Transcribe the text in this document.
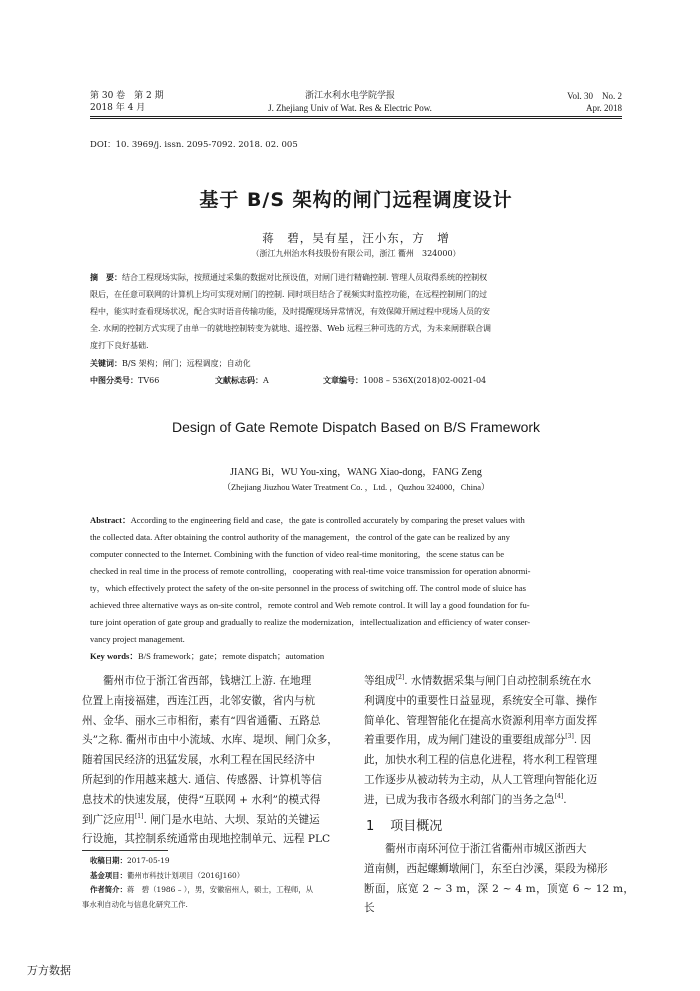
第 30 卷　第 2 期
2018 年 4 月
浙江水利水电学院学报
J. Zhejiang Univ of Wat. Res & Electric Pow.
Vol. 30　No. 2
Apr. 2018
DOI：10. 3969/j. issn. 2095-7092. 2018. 02. 005
基于 B/S 架构的闸门远程调度设计
蒋　碧，吴有星，汪小东，方　增
（浙江九州治水科技股份有限公司，浙江 衢州　324000）
摘　要：结合工程现场实际，按照通过采集的数据对比预设值，对闸门进行精确控制. 管理人员取得系统的控制权
限后，在任意可联网的计算机上均可实现对闸门的控制. 同时项目结合了视频实时监控功能，在远程控制闸门的过
程中，能实时查看现场状况，配合实时语音传输功能，及时提醒现场异常情况，有效保障开闸过程中现场人员的安
全. 水闸的控制方式实现了由单一的就地控制转变为就地、遥控器、Web 远程三种可选的方式，为未来闸群联合调
度打下良好基础.
关键词：B/S 架构；闸门；远程调度；自动化
中图分类号：TV66	文献标志码：A	文章编号：1008 – 536X(2018)02-0021-04
Design of Gate Remote Dispatch Based on B/S Framework
JIANG Bi，WU You-xing，WANG Xiao-dong，FANG Zeng
（Zhejiang Jiuzhou Water Treatment Co. ，Ltd. ，Quzhou 324000，China）
Abstract：According to the engineering field and case，the gate is controlled accurately by comparing the preset values with
the collected data. After obtaining the control authority of the management，the control of the gate can be realized by any
computer connected to the Internet. Combining with the function of video real-time monitoring，the scene status can be
checked in real time in the process of remote controlling，cooperating with real-time voice transmission for operation abnormi-
ty，which effectively protect the safety of the on-site personnel in the process of switching off. The control mode of sluice has
achieved three alternative ways as on-site control，remote control and Web remote control. It will lay a good foundation for fu-
ture joint operation of gate group and gradually to realize the modernization，intellectualization and efficiency of water conser-
vancy project management.
Key words：B/S framework；gate；remote dispatch；automation
　　衢州市位于浙江省西部，钱塘江上游. 在地理
位置上南接福建，西连江西，北邻安徽，省内与杭
州、金华、丽水三市相衔，素有“四省通衢、五路总
头”之称. 衢州市由中小流域、水库、堤坝、闸门众多，
随着国民经济的迅猛发展，水利工程在国民经济中
所起到的作用越来越大. 通信、传感器、计算机等信
息技术的快速发展，使得“互联网 + 水利”的模式得
到广泛应用[1]. 闸门是水电站、大坝、泵站的关键运
行设施，其控制系统通常由现地控制单元、远程 PLC
收稿日期：2017-05-19
基金项目：衢州市科技计划项目（2016J160）
作者简介：蒋　碧（1986 – ），男，安徽宿州人，硕士，工程师，从
事水利自动化与信息化研究工作.
等组成[2]. 水情数据采集与闸门自动控制系统在水
利调度中的重要性日益显现，系统安全可靠、操作
简单化、管理智能化在提高水资源利用率方面发挥
着重要作用，成为闸门建设的重要组成部分[3]. 因
此，加快水利工程的信息化进程，将水利工程管理
工作逐步从被动转为主动，从人工管理向智能化迈
进，已成为我市各级水利部门的当务之急[4].
1 项目概况
　　衢州市南环河位于浙江省衢州市城区浙西大
道南侧，西起螺蛳墩闸门，东至白沙溪，渠段为梯形
断面，底宽 2 ~ 3 m，深 2 ~ 4 m，顶宽 6 ~ 12 m，长
万方数据
